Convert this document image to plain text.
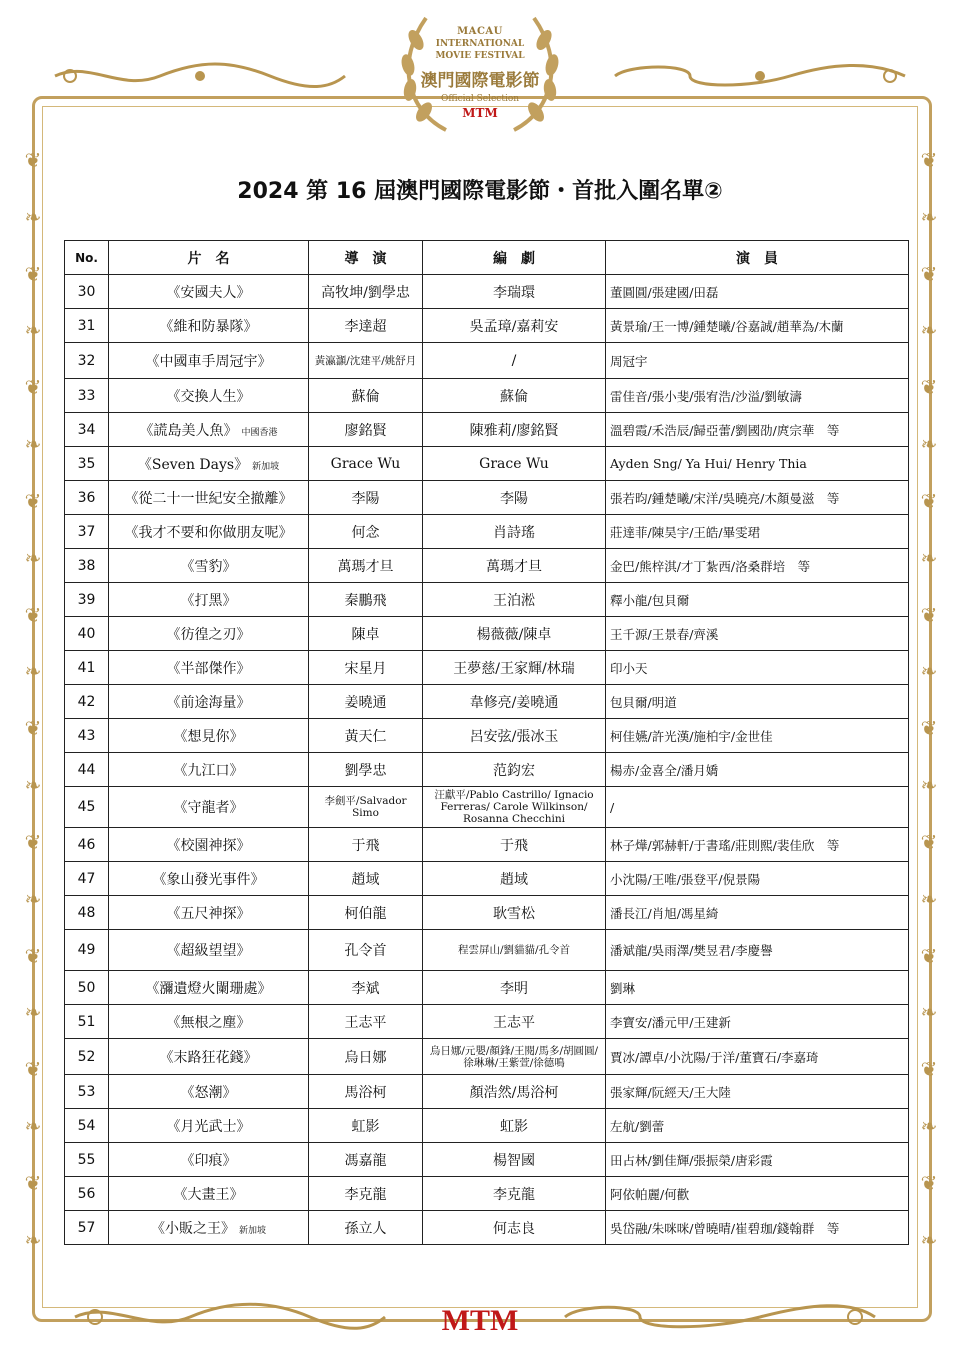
❦
❧
❦
❧
❦
❧
❦
❧
❦
❧
❦
❧
❦
❧
❦
❧
❦
❧
❦
❧
❦
❧
❦
❧
❦
❧
❦
❧
❦
❧
❦
❧
❦
❧
❦
❧
❦
❧
❦
❧
MACAU
INTERNATIONAL
MOVIE FESTIVAL
澳門國際電影節
Official Selection
MTM
2024 第 16 屆澳門國際電影節・首批入圍名單②
No.	片　名	導　演	編　劇	演　員
30	《安國夫人》	高牧坤/劉學忠	李瑞環	董圓圓/張建國/田磊
31	《維和防暴隊》	李達超	吳孟璋/嘉莉安	黃景瑜/王一博/鍾楚曦/谷嘉誠/趙華為/木蘭
32	《中國車手周冠宇》	黃瀛灝/沈建平/姚舒月	/	周冠宇
33	《交換人生》	蘇倫	蘇倫	雷佳音/張小斐/張宥浩/沙溢/劉敏濤
34	《謊島美人魚》 中國香港	廖銘賢	陳雅莉/廖銘賢	溫碧霞/禾浩辰/歸亞蕾/劉國劭/庹宗華　等
35	《Seven Days》 新加坡	Grace Wu	Grace Wu	Ayden Sng/ Ya Hui/ Henry Thia
36	《從二十一世紀安全撤離》	李陽	李陽	張若昀/鍾楚曦/宋洋/吳曉亮/木顏曼滋　等
37	《我才不要和你做朋友呢》	何念	肖詩瑤	莊達菲/陳昊宇/王皓/畢雯珺
38	《雪豹》	萬瑪才旦	萬瑪才旦	金巴/熊梓淇/才丁紮西/洛桑群培　等
39	《打黑》	秦鵬飛	王泊淞	釋小龍/包貝爾
40	《彷徨之刃》	陳卓	楊薇薇/陳卓	王千源/王景春/齊溪
41	《半部傑作》	宋星月	王夢慈/王家輝/林瑞	印小天
42	《前途海量》	姜曉通	韋修亮/姜曉通	包貝爾/明道
43	《想見你》	黃天仁	呂安弦/張冰玉	柯佳嬿/許光漢/施柏宇/金世佳
44	《九江口》	劉學忠	范鈞宏	楊赤/金喜全/潘月嬌
45	《守龍者》	李劍平/Salvador Simo	汪獻平/Pablo Castrillo/ Ignacio Ferreras/ Carole Wilkinson/ Rosanna Checchini	/
46	《校園神探》	于飛	于飛	林子燁/郭赫軒/于書瑤/莊則熙/裴佳欣　等
47	《象山發光事件》	趙域	趙域	小沈陽/王唯/張登平/倪景陽
48	《五尺神探》	柯伯龍	耿雪松	潘長江/肖旭/馮星綺
49	《超級望望》	孔令首	程雲屏山/劉貓貓/孔令首	潘斌龍/吳雨澤/樊昱君/李慶譽
50	《瀰遺燈火闌珊處》	李斌	李明	劉琳
51	《無根之塵》	王志平	王志平	李寶安/潘元甲/王建新
52	《末路狂花錢》	烏日娜	烏日娜/元嬰/顏鋒/王閱/馬多/胡圓圓/徐琳琳/王紫萱/徐德鳴	賈冰/譚卓/小沈陽/于洋/董寶石/李嘉琦
53	《怒潮》	馬浴柯	顏浩然/馬浴柯	張家輝/阮經天/王大陸
54	《月光武士》	虹影	虹影	左航/劉蕾
55	《印痕》	馮嘉龍	楊智國	田占林/劉佳輝/張振榮/唐彩霞
56	《大畫王》	李克龍	李克龍	阿依帕麗/何歡
57	《小販之王》 新加坡	孫立人	何志良	吳岱融/朱咪咪/曾曉晴/崔碧珈/錢翰群　等
MTM
